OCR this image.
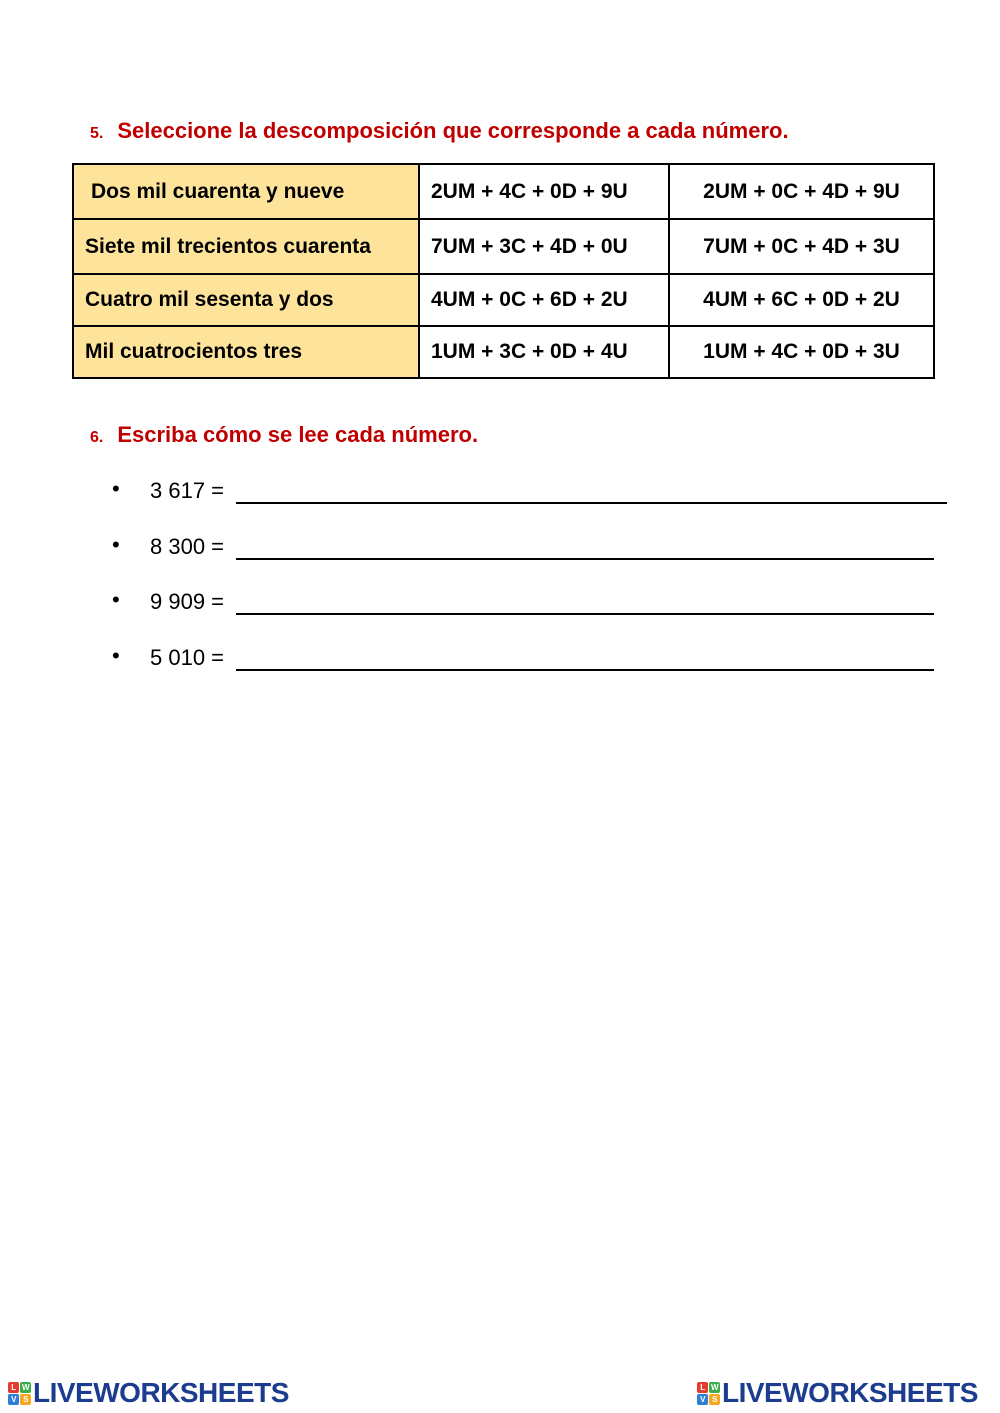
5. Seleccione la descomposición que corresponde a cada número.
Dos mil cuarenta y nueve	2UM + 4C + 0D + 9U	2UM + 0C + 4D + 9U
Siete mil trecientos cuarenta	7UM + 3C + 4D + 0U	7UM + 0C + 4D + 3U
Cuatro mil sesenta y dos	4UM + 0C + 6D + 2U	4UM + 6C + 0D + 2U
Mil cuatrocientos tres	1UM + 3C + 0D + 4U	1UM + 4C + 0D + 3U
6. Escriba cómo se lee cada número.
• 3 617 =
• 8 300 =
• 9 909 =
• 5 010 =
L W
V S LIVEWORKSHEETS	L W
V S LIVEWORKSHEETS
